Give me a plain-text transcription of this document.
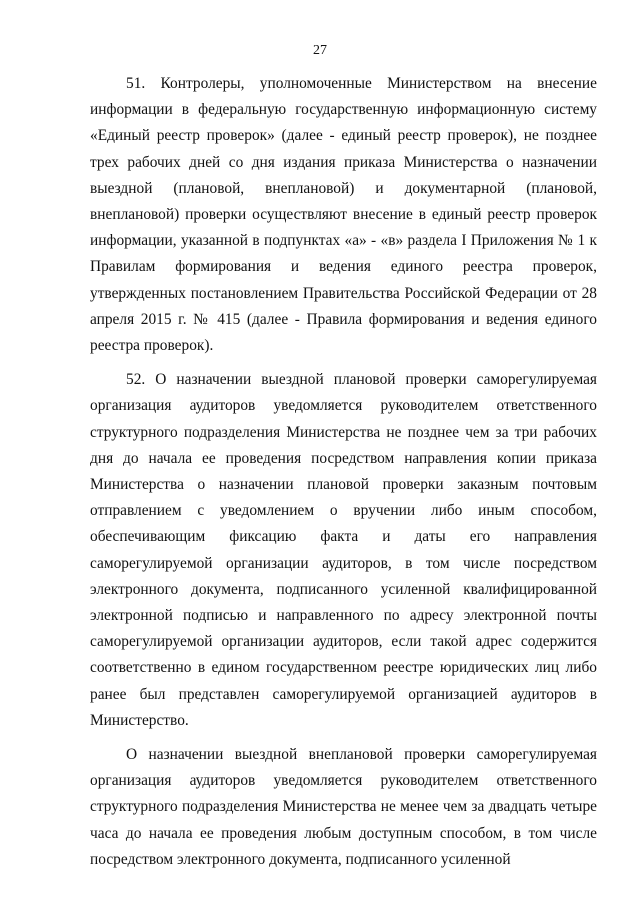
27

51. Контролеры, уполномоченные Министерством на внесение информации в федеральную государственную информационную систему «Единый реестр проверок» (далее - единый реестр проверок), не позднее трех рабочих дней со дня издания приказа Министерства о назначении выездной (плановой, внеплановой) и документарной (плановой, внеплановой) проверки осуществляют внесение в единый реестр проверок информации, указанной в подпунктах «а» - «в» раздела I Приложения № 1 к Правилам формирования и ведения единого реестра проверок, утвержденных постановлением Правительства Российской Федерации от 28 апреля 2015 г. № 415 (далее - Правила формирования и ведения единого реестра проверок).

52. О назначении выездной плановой проверки саморегулируемая организация аудиторов уведомляется руководителем ответственного структурного подразделения Министерства не позднее чем за три рабочих дня до начала ее проведения посредством направления копии приказа Министерства о назначении плановой проверки заказным почтовым отправлением с уведомлением о вручении либо иным способом, обеспечивающим фиксацию факта и даты его направления саморегулируемой организации аудиторов, в том числе посредством электронного документа, подписанного усиленной квалифицированной электронной подписью и направленного по адресу электронной почты саморегулируемой организации аудиторов, если такой адрес содержится соответственно в едином государственном реестре юридических лиц либо ранее был представлен саморегулируемой организацией аудиторов в Министерство.

О назначении выездной внеплановой проверки саморегулируемая организация аудиторов уведомляется руководителем ответственного структурного подразделения Министерства не менее чем за двадцать четыре часа до начала ее проведения любым доступным способом, в том числе посредством электронного документа, подписанного усиленной
